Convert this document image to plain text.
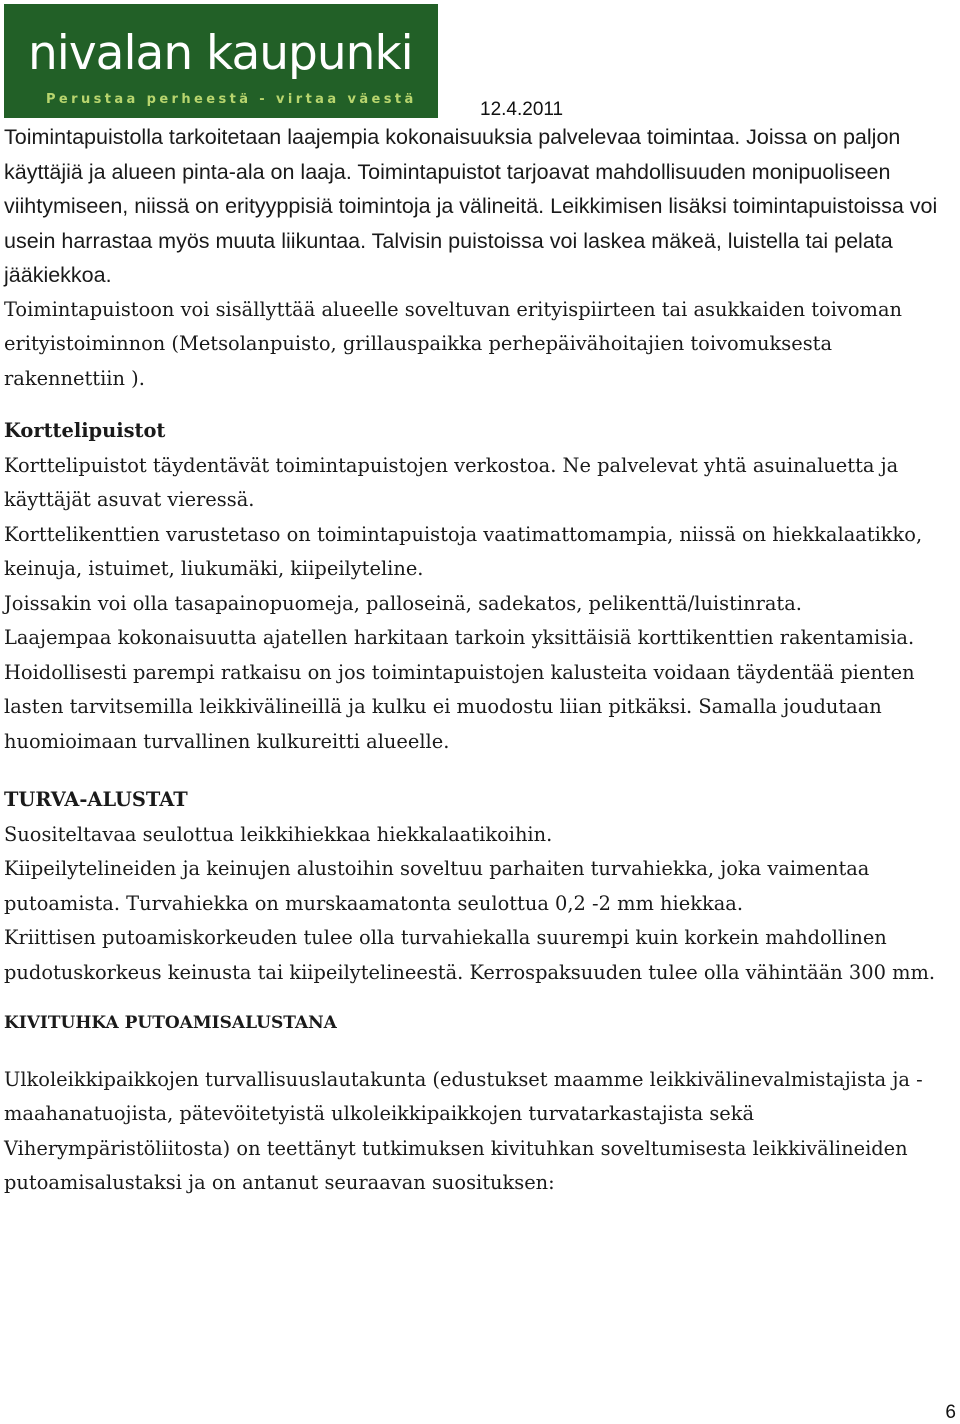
nivalan kaupunki
Perustaa perheestä - virtaa väestä	12.4.2011

Toimintapuistolla tarkoitetaan laajempia kokonaisuuksia palvelevaa toimintaa. Joissa on paljon käyttäjiä ja alueen pinta-ala on laaja. Toimintapuistot tarjoavat mahdollisuuden monipuoliseen viihtymiseen, niissä on erityyppisiä toimintoja ja välineitä. Leikkimisen lisäksi toimintapuistoissa voi usein harrastaa myös muuta liikuntaa. Talvisin puistoissa voi laskea mäkeä, luistella tai pelata jääkiekkoa.

Toimintapuistoon voi sisällyttää alueelle soveltuvan erityispiirteen tai asukkaiden toivoman erityistoiminnon (Metsolanpuisto, grillauspaikka perhepäivähoitajien toivomuksesta rakennettiin ).

Korttelipuistot

Korttelipuistot täydentävät toimintapuistojen verkostoa. Ne palvelevat yhtä asuinaluetta ja käyttäjät asuvat vieressä.

Korttelikenttien varustetaso on toimintapuistoja vaatimattomampia, niissä on hiekkalaatikko, keinuja, istuimet, liukumäki, kiipeilyteline.

Joissakin voi olla tasapainopuomeja, palloseinä, sadekatos, pelikenttä/luistinrata.

Laajempaa kokonaisuutta ajatellen harkitaan tarkoin yksittäisiä korttikenttien rakentamisia. Hoidollisesti parempi ratkaisu on jos toimintapuistojen kalusteita voidaan täydentää pienten lasten tarvitsemilla leikkivälineillä ja kulku ei muodostu liian pitkäksi. Samalla joudutaan huomioimaan turvallinen kulkureitti alueelle.

TURVA-ALUSTAT

Suositeltavaa seulottua leikkihiekkaa hiekkalaatikoihin.

Kiipeilytelineiden ja keinujen alustoihin soveltuu parhaiten turvahiekka, joka vaimentaa putoamista. Turvahiekka on murskaamatonta seulottua 0,2 -2 mm hiekkaa.

Kriittisen putoamiskorkeuden tulee olla turvahiekalla suurempi kuin korkein mahdollinen pudotuskorkeus keinusta tai kiipeilytelineestä. Kerrospaksuuden tulee olla vähintään 300 mm.

KIVITUHKA PUTOAMISALUSTANA

Ulkoleikkipaikkojen turvallisuuslautakunta (edustukset maamme leikkivälinevalmistajista ja -maahanatuojista, pätevöitetyistä ulkoleikkipaikkojen turvatarkastajista sekä Viherympäristöliitosta) on teettänyt tutkimuksen kivituhkan soveltumisesta leikkivälineiden putoamisalustaksi ja on antanut seuraavan suosituksen:

6
